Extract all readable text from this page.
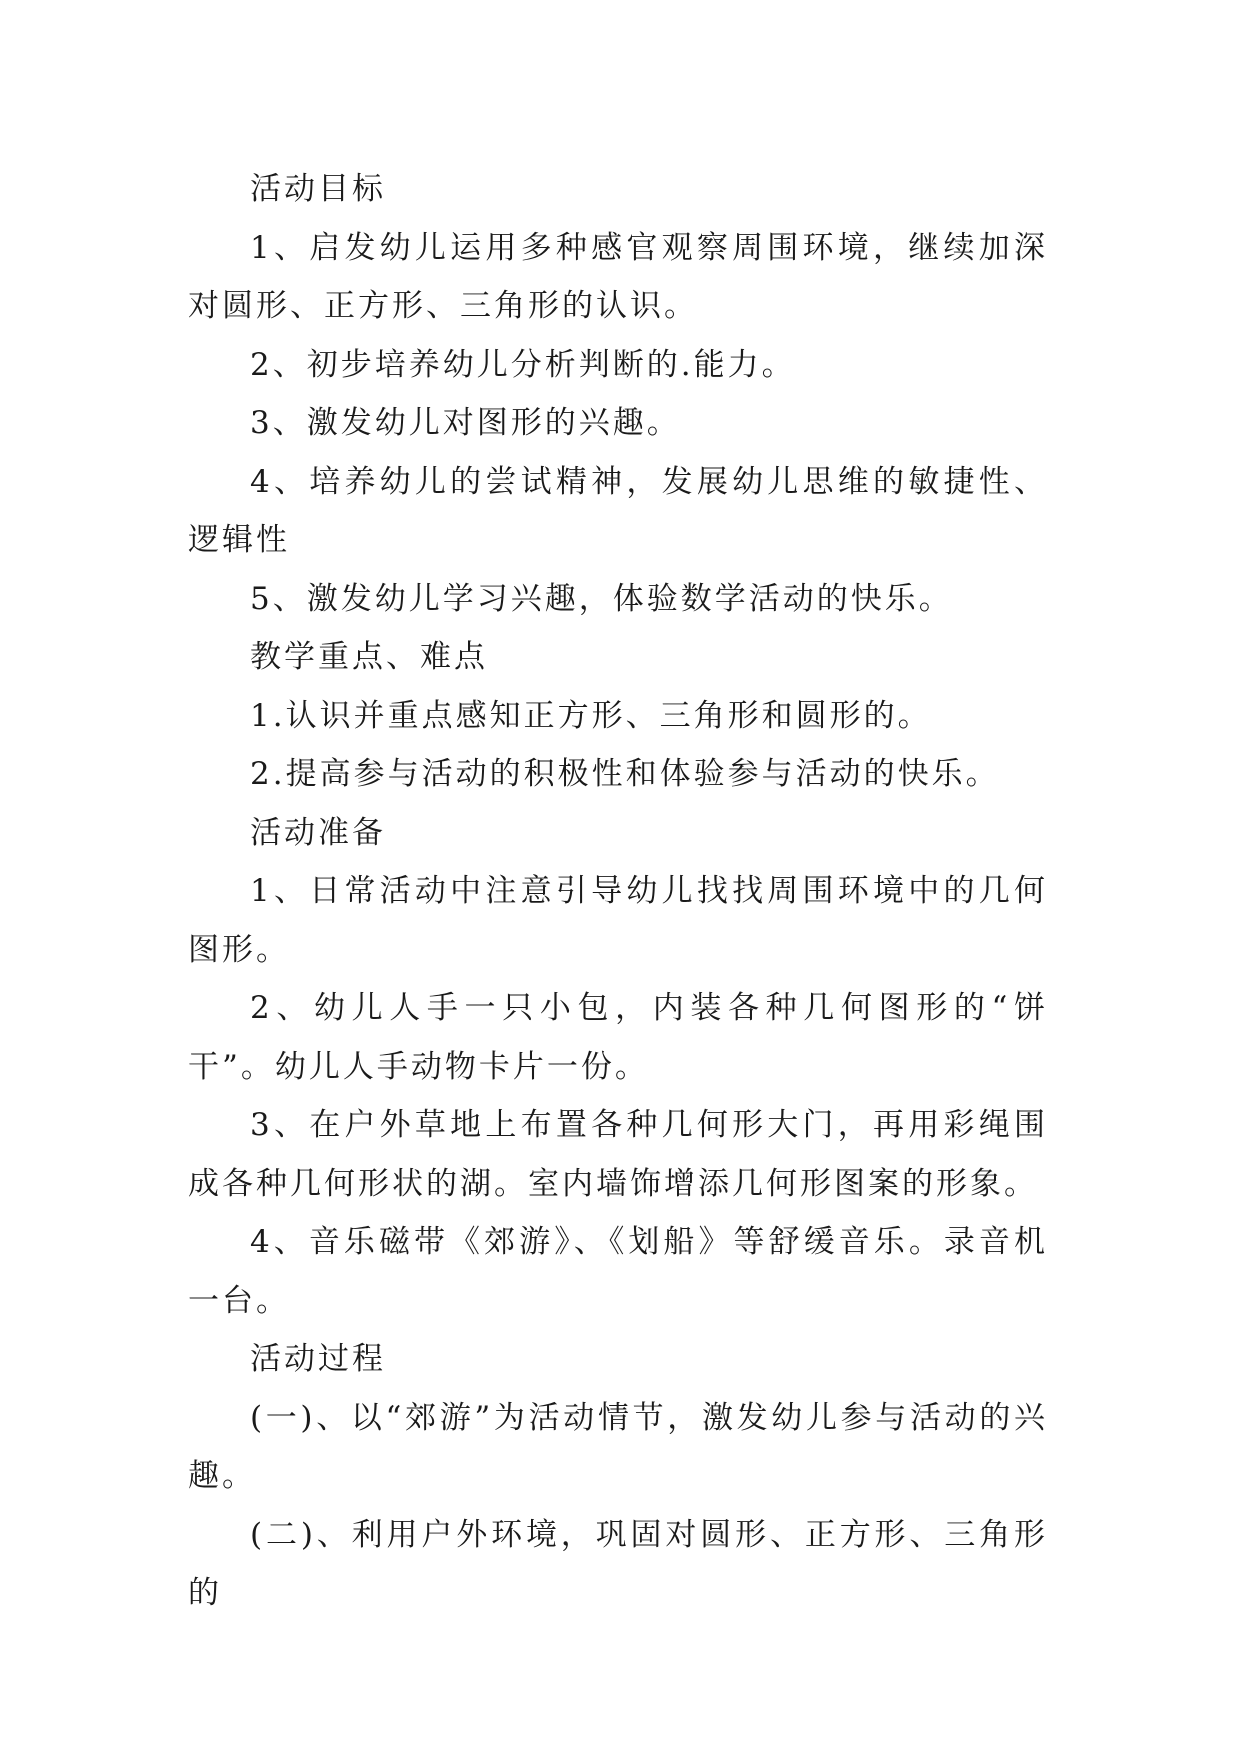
活动目标

1、启发幼儿运用多种感官观察周围环境，继续加深对圆形、正方形、三角形的认识。

2、初步培养幼儿分析判断的.能力。

3、激发幼儿对图形的兴趣。

4、培养幼儿的尝试精神，发展幼儿思维的敏捷性、逻辑性

5、激发幼儿学习兴趣，体验数学活动的快乐。

教学重点、难点

1.认识并重点感知正方形、三角形和圆形的。

2.提高参与活动的积极性和体验参与活动的快乐。

活动准备

1、日常活动中注意引导幼儿找找周围环境中的几何图形。

2、幼儿人手一只小包，内装各种几何图形的“饼干”。幼儿人手动物卡片一份。

3、在户外草地上布置各种几何形大门，再用彩绳围成各种几何形状的湖。室内墙饰增添几何形图案的形象。

4、音乐磁带《郊游》、《划船》等舒缓音乐。录音机一台。

活动过程

(一)、以“郊游”为活动情节，激发幼儿参与活动的兴趣。

(二)、利用户外环境，巩固对圆形、正方形、三角形的
